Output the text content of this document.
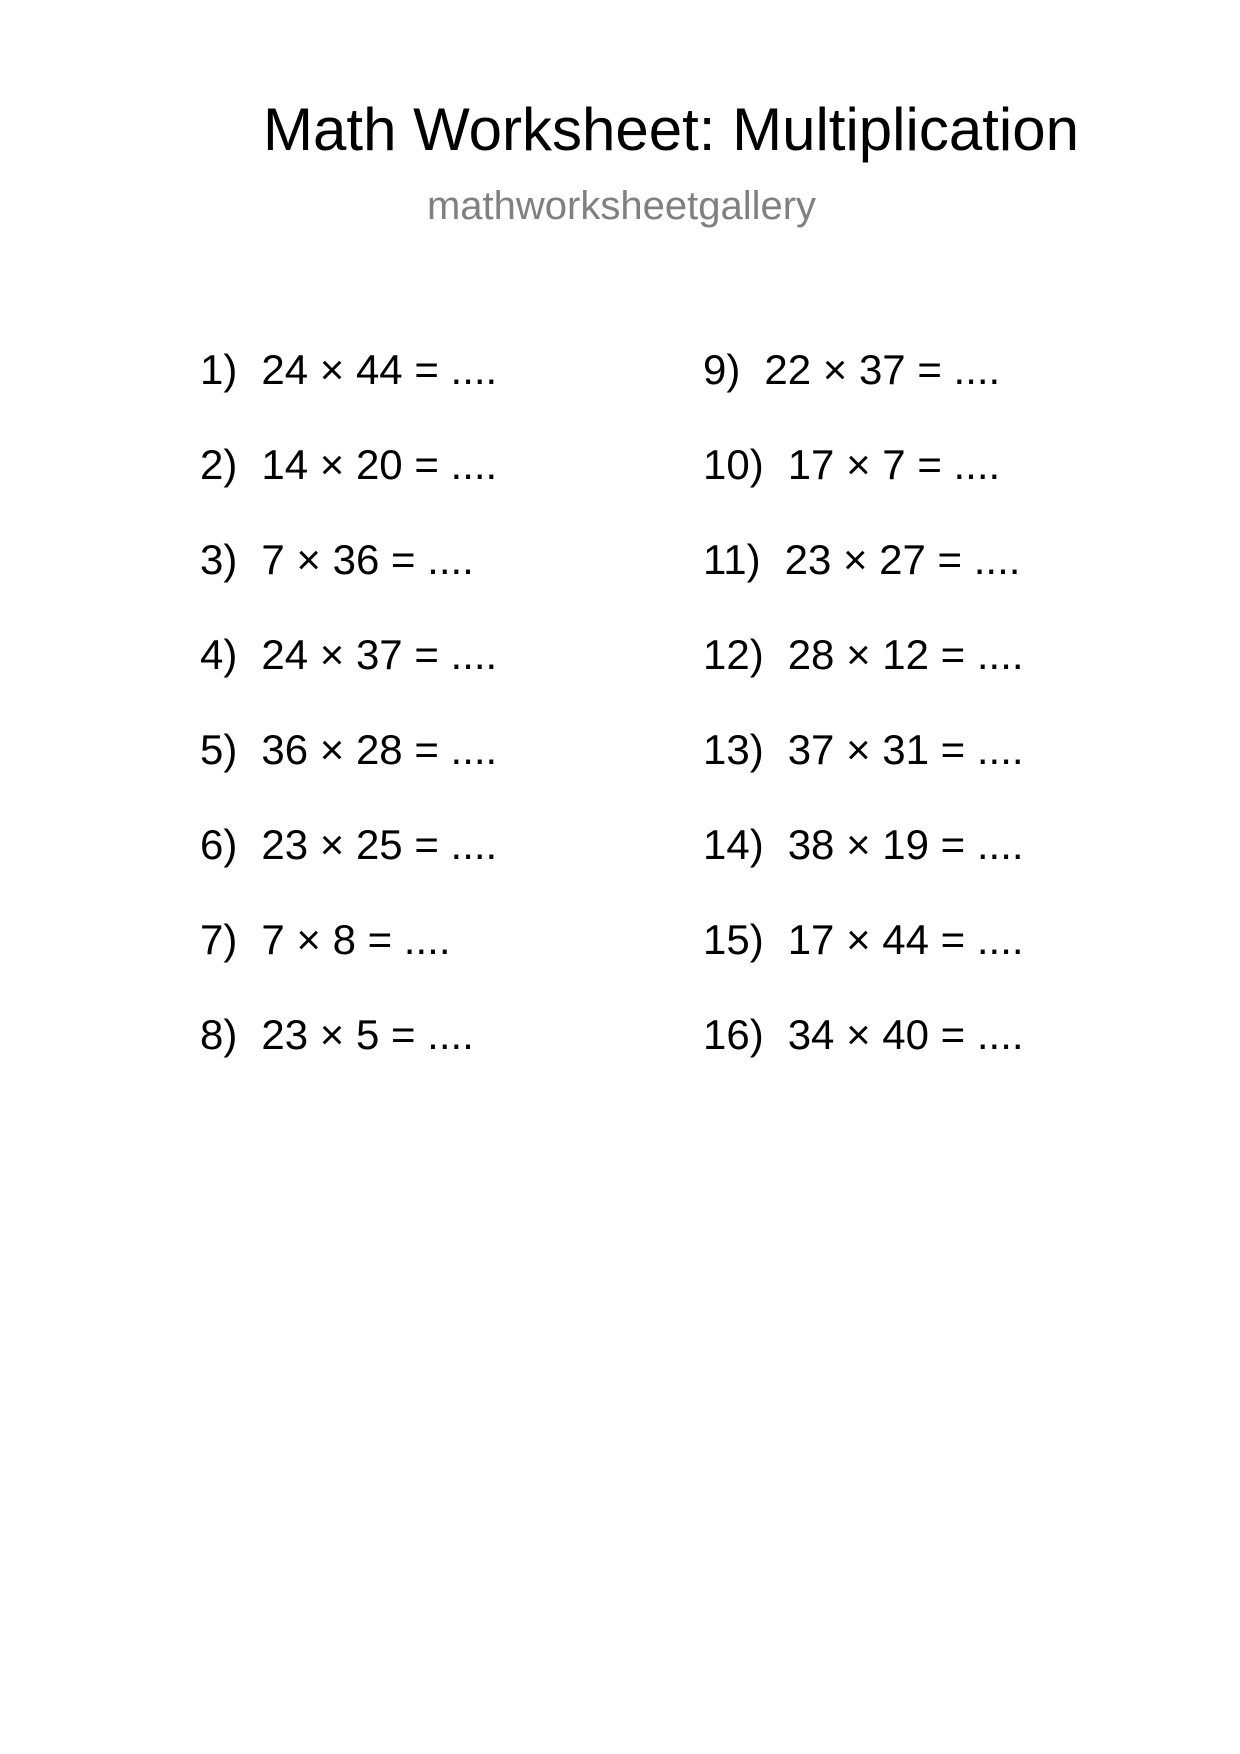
Math Worksheet: Multiplication
mathworksheetgallery
1) 24 × 44 = ....
2) 14 × 20 = ....
3) 7 × 36 = ....
4) 24 × 37 = ....
5) 36 × 28 = ....
6) 23 × 25 = ....
7) 7 × 8 = ....
8) 23 × 5 = ....
9) 22 × 37 = ....
10) 17 × 7 = ....
11) 23 × 27 = ....
12) 28 × 12 = ....
13) 37 × 31 = ....
14) 38 × 19 = ....
15) 17 × 44 = ....
16) 34 × 40 = ....
